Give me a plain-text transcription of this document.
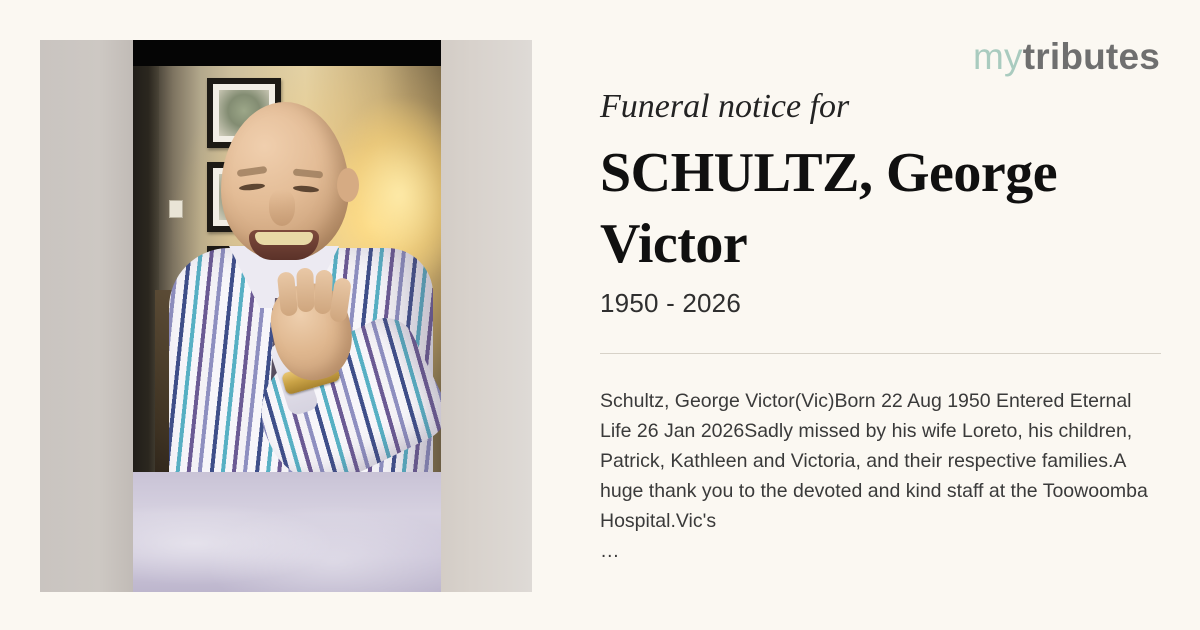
mytributes
Funeral notice for
SCHULTZ, George Victor
1950 - 2026
Schultz, George Victor(Vic)Born 22 Aug 1950 Entered Eternal Life 26 Jan 2026Sadly missed by his wife Loreto, his children, Patrick, Kathleen and Victoria, and their respective families.A huge thank you to the devoted and kind staff at the Toowoomba Hospital.Vic's
…
